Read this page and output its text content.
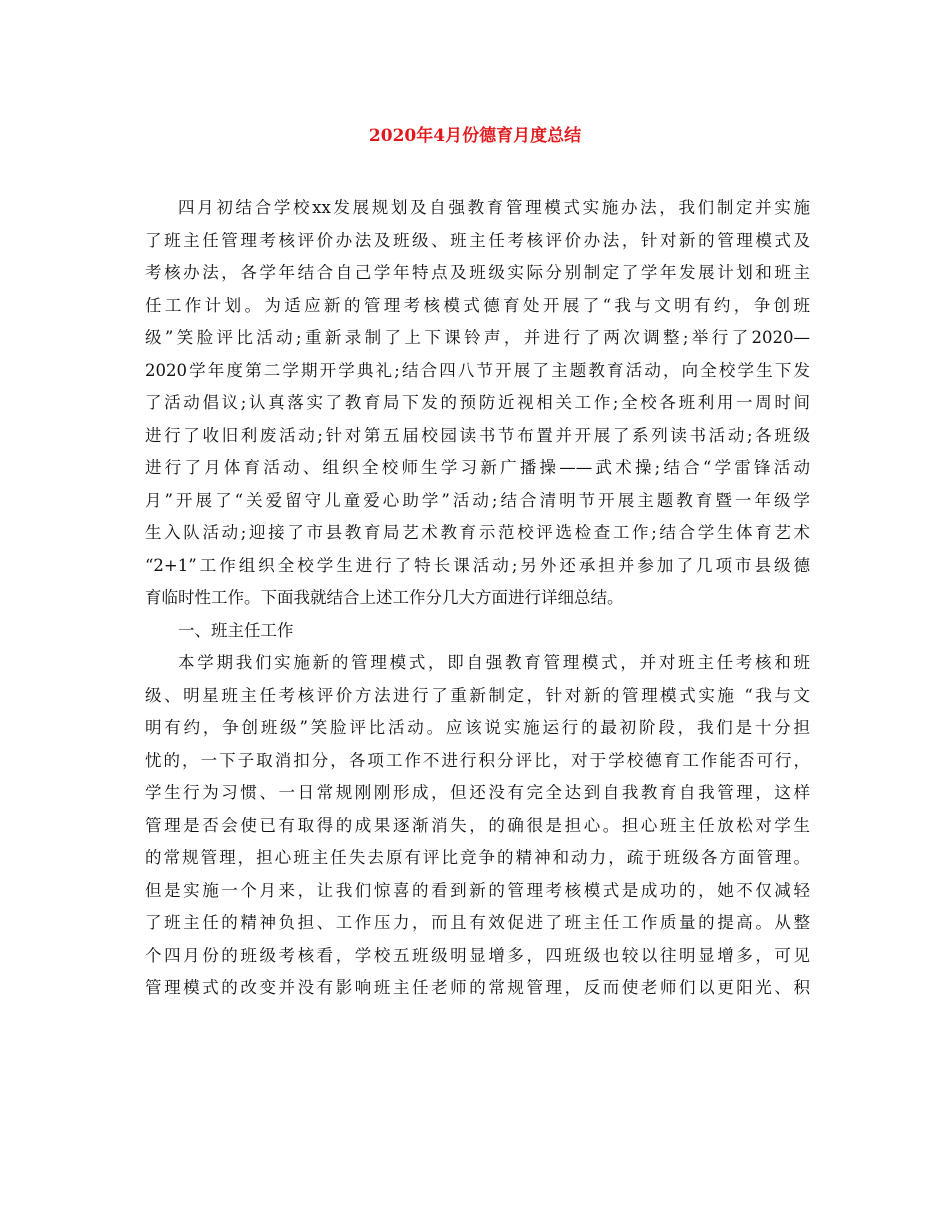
2020年4月份德育月度总结
四月初结合学校xx发展规划及自强教育管理模式实施办法，我们制定并实施
了班主任管理考核评价办法及班级、班主任考核评价办法，针对新的管理模式及
考核办法，各学年结合自己学年特点及班级实际分别制定了学年发展计划和班主
任工作计划。为适应新的管理考核模式德育处开展了“我与文明有约，争创班
级”笑脸评比活动;重新录制了上下课铃声，并进行了两次调整;举行了2020—
2020学年度第二学期开学典礼;结合四八节开展了主题教育活动，向全校学生下发
了活动倡议;认真落实了教育局下发的预防近视相关工作;全校各班利用一周时间
进行了收旧利废活动;针对第五届校园读书节布置并开展了系列读书活动;各班级
进行了月体育活动、组织全校师生学习新广播操——武术操;结合“学雷锋活动
月”开展了“关爱留守儿童爱心助学”活动;结合清明节开展主题教育暨一年级学
生入队活动;迎接了市县教育局艺术教育示范校评选检查工作;结合学生体育艺术
“2+1”工作组织全校学生进行了特长课活动;另外还承担并参加了几项市县级德
育临时性工作。下面我就结合上述工作分几大方面进行详细总结。
一、班主任工作
本学期我们实施新的管理模式，即自强教育管理模式，并对班主任考核和班
级、明星班主任考核评价方法进行了重新制定，针对新的管理模式实施 “我与文
明有约，争创班级”笑脸评比活动。应该说实施运行的最初阶段，我们是十分担
忧的，一下子取消扣分，各项工作不进行积分评比，对于学校德育工作能否可行，
学生行为习惯、一日常规刚刚形成，但还没有完全达到自我教育自我管理，这样
管理是否会使已有取得的成果逐渐消失，的确很是担心。担心班主任放松对学生
的常规管理，担心班主任失去原有评比竞争的精神和动力，疏于班级各方面管理。
但是实施一个月来，让我们惊喜的看到新的管理考核模式是成功的，她不仅减轻
了班主任的精神负担、工作压力，而且有效促进了班主任工作质量的提高。从整
个四月份的班级考核看，学校五班级明显增多，四班级也较以往明显增多，可见
管理模式的改变并没有影响班主任老师的常规管理，反而使老师们以更阳光、积
